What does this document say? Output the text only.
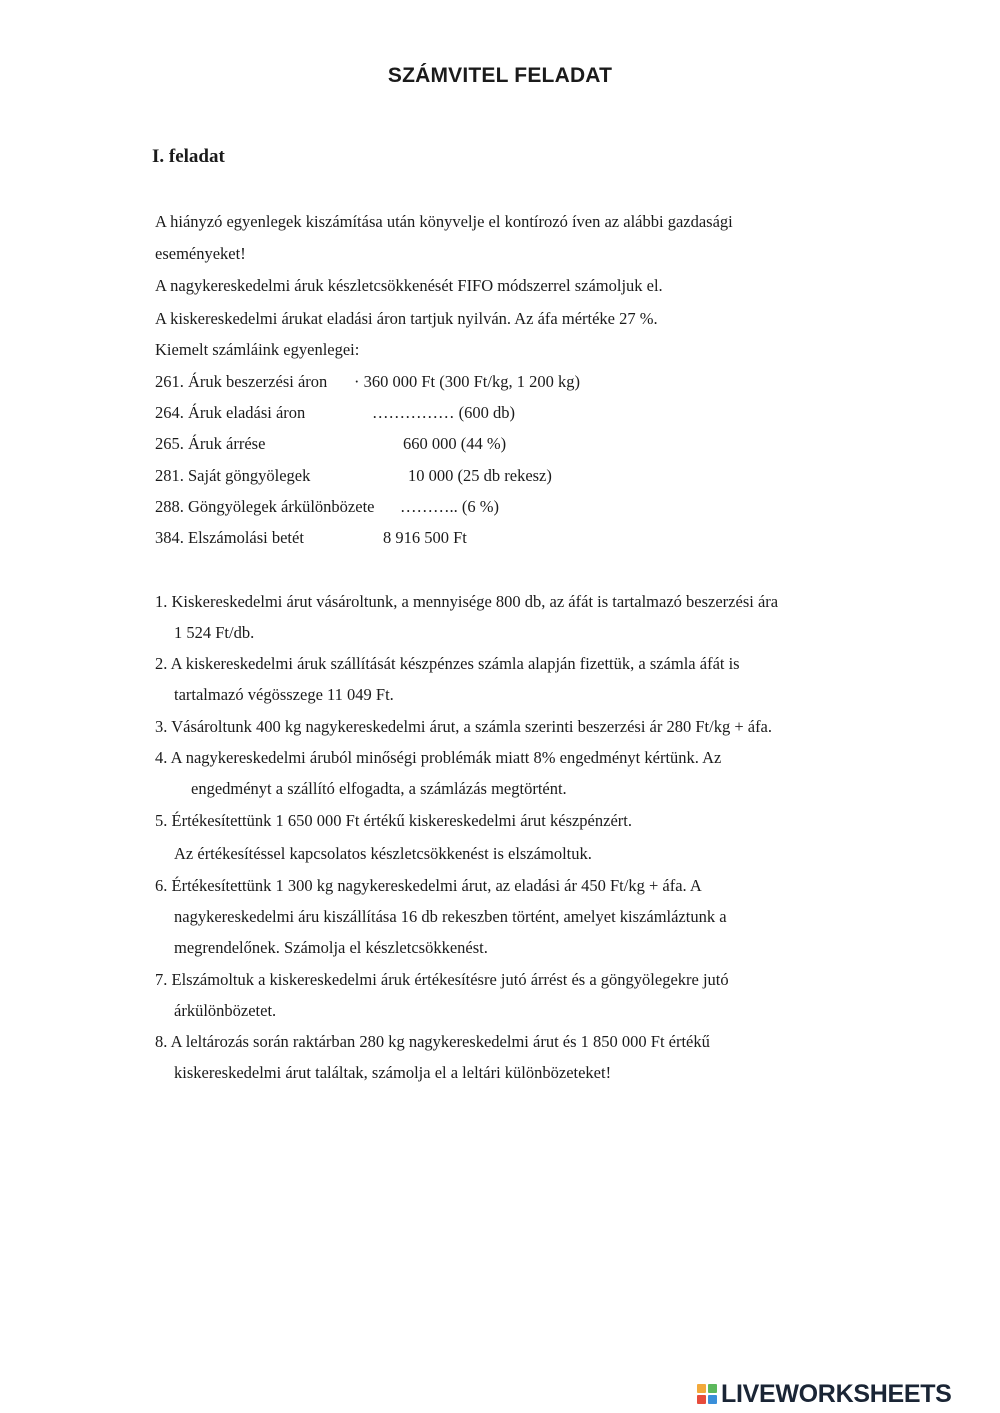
SZÁMVITEL FELADAT
I. feladat
A hiányzó egyenlegek kiszámítása után könyvelje el kontírozó íven az alábbi gazdasági
eseményeket!
A nagykereskedelmi áruk készletcsökkenését FIFO módszerrel számoljuk el.
A kiskereskedelmi árukat eladási áron tartjuk nyilván. Az áfa mértéke 27 %.
Kiemelt számláink egyenlegei:
261. Áruk beszerzési áron · 360 000 Ft (300 Ft/kg, 1 200 kg)
264. Áruk eladási áron	…………… (600 db)
265. Áruk árrése	660 000 (44 %)
281. Saját göngyölegek	10 000 (25 db rekesz)
288. Göngyölegek árkülönbözete ……….. (6 %)
384. Elszámolási betét	8 916 500 Ft
1. Kiskereskedelmi árut vásároltunk, a mennyisége 800 db, az áfát is tartalmazó beszerzési ára
1 524 Ft/db.
2. A kiskereskedelmi áruk szállítását készpénzes számla alapján fizettük, a számla áfát is
tartalmazó végösszege 11 049 Ft.
3. Vásároltunk 400 kg nagykereskedelmi árut, a számla szerinti beszerzési ár 280 Ft/kg + áfa.
4. A nagykereskedelmi áruból minőségi problémák miatt 8% engedményt kértünk. Az
engedményt a szállító elfogadta, a számlázás megtörtént.
5. Értékesítettünk 1 650 000 Ft értékű kiskereskedelmi árut készpénzért.
Az értékesítéssel kapcsolatos készletcsökkenést is elszámoltuk.
6. Értékesítettünk 1 300 kg nagykereskedelmi árut, az eladási ár 450 Ft/kg + áfa. A
nagykereskedelmi áru kiszállítása 16 db rekeszben történt, amelyet kiszámláztunk a
megrendelőnek. Számolja el készletcsökkenést.
7. Elszámoltuk a kiskereskedelmi áruk értékesítésre jutó árrést és a göngyölegekre jutó
árkülönbözetet.
8. A leltározás során raktárban 280 kg nagykereskedelmi árut és 1 850 000 Ft értékű
kiskereskedelmi árut találtak, számolja el a leltári különbözeteket!
LIVEWORKSHEETS
